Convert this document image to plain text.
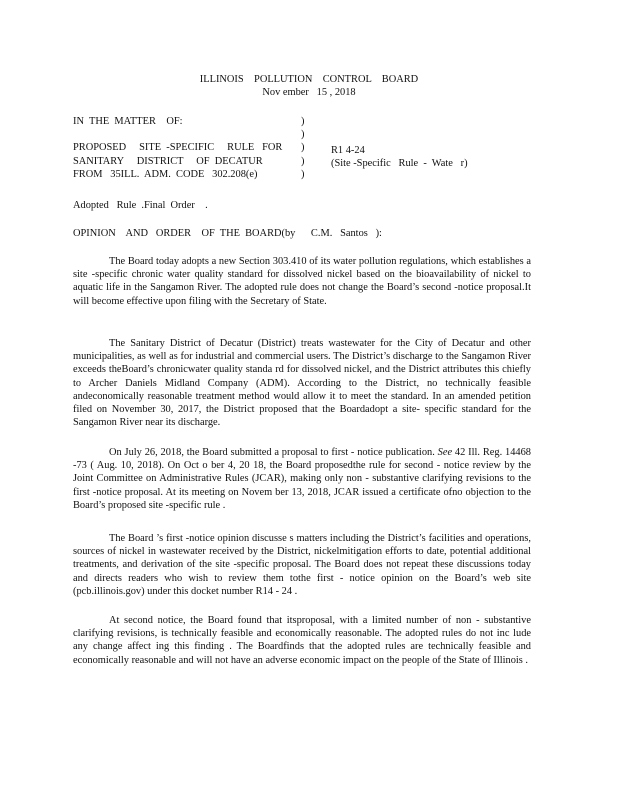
ILLINOIS    POLLUTION    CONTROL    BOARD
Nov ember   15 , 2018
IN  THE  MATTER    OF:
PROPOSED     SITE  -SPECIFIC     RULE   FOR
SANITARY     DISTRICT     OF  DECATUR
FROM   35ILL.  ADM.  CODE   302.208(e)
)
)
)
)
)
R1 4-24
(Site -Specific   Rule  -  Wate   r)
Adopted   Rule  .Final  Order    .
OPINION    AND   ORDER    OF  THE  BOARD(by      C.M.   Santos   ):

The Board today adopts a new Section 303.410 of its water pollution regulations, which establishes a site -specific chronic water quality standard for dissolved nickel based on the bioavailability of nickel to aquatic life in the Sangamon River. The adopted rule does not change the Board’s second -notice proposal.It will become effective upon filing with the Secretary of State.

The Sanitary District of Decatur (District) treats wastewater for the City of Decatur and other municipalities, as well as for industrial and commercial users. The District’s discharge to the Sangamon River exceeds theBoard’s chronicwater quality standa rd for dissolved nickel, and the District attributes this chiefly to Archer Daniels Midland Company (ADM). According to the District, no technically feasible andeconomically reasonable treatment method would allow it to meet the standard. In an amended petition filed on November 30, 2017, the District proposed that the Boardadopt a site- specific standard for the Sangamon River near its discharge.

On July 26, 2018, the Board submitted a proposal to first - notice publication. See 42 Ill. Reg. 14468 -73 ( Aug. 10, 2018). On Oct o ber 4, 20 18, the Board proposedthe rule for second - notice review by the Joint Committee on Administrative Rules (JCAR), making only non - substantive clarifying revisions to the first -notice proposal. At its meeting on Novem ber 13, 2018, JCAR issued a certificate ofno objection to the Board’s proposed site -specific rule .

The Board ’s first -notice opinion discusse s matters including the District’s facilities and operations, sources of nickel in wastewater received by the District, nickelmitigation efforts to date, potential additional treatments, and derivation of the site -specific proposal. The Board does not repeat these discussions today and directs readers who wish to review them tothe first - notice opinion on the Board’s web site (pcb.illinois.gov) under this docket number R14 - 24 .

At second notice, the Board found that itsproposal, with a limited number of non - substantive clarifying revisions, is technically feasible and economically reasonable. The adopted rules do not inc lude any change affect ing this finding . The Boardfinds that the adopted rules are technically feasible and economically reasonable and will not have an adverse economic impact on the people of the State of Illinois .
